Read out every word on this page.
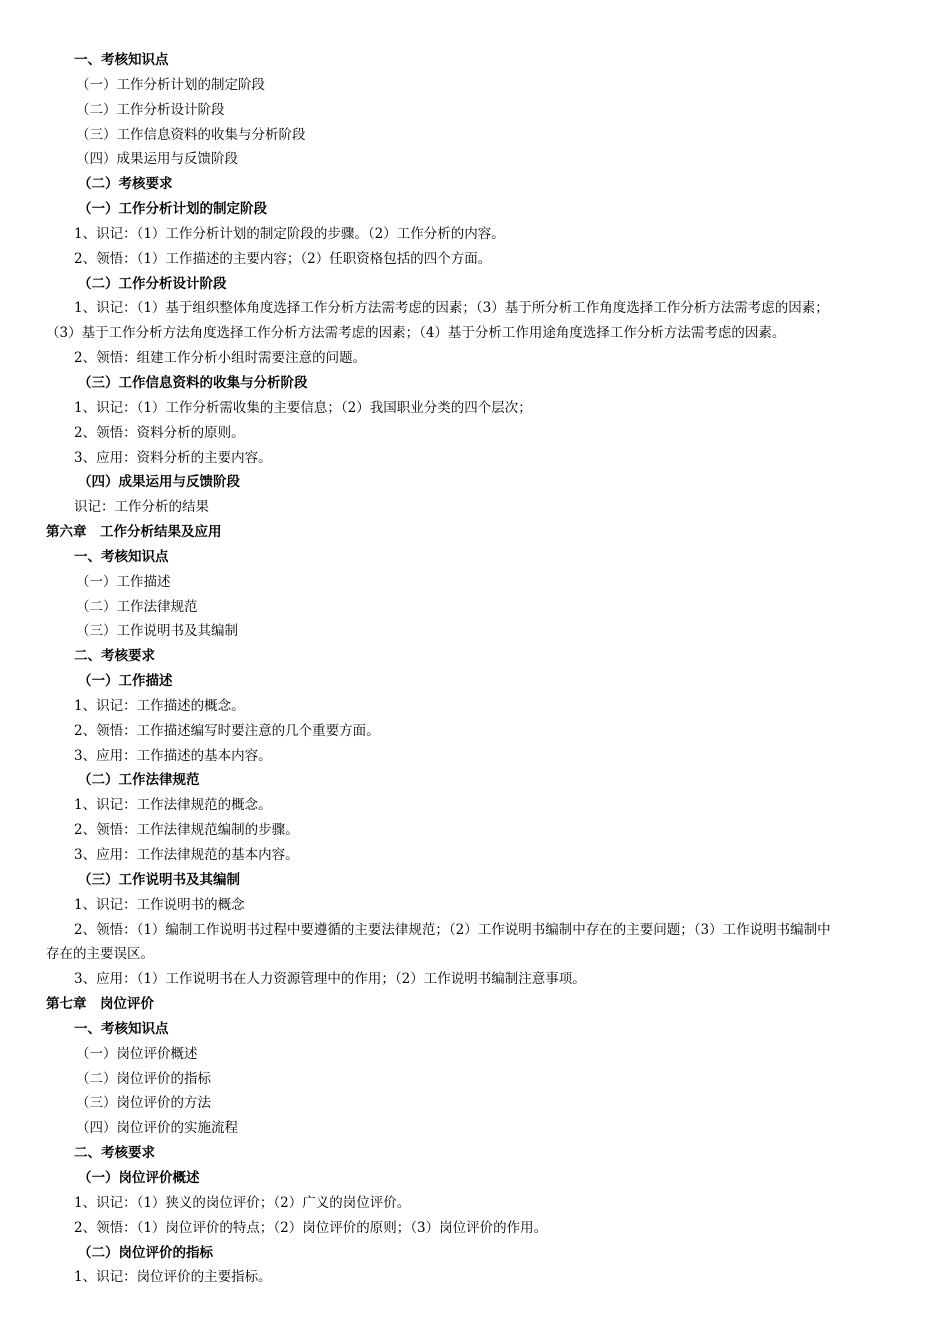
一、考核知识点
（一）工作分析计划的制定阶段
（二）工作分析设计阶段
（三）工作信息资料的收集与分析阶段
（四）成果运用与反馈阶段
（二）考核要求
（一）工作分析计划的制定阶段
1、识记：（1）工作分析计划的制定阶段的步骤。（2）工作分析的内容。
2、领悟：（1）工作描述的主要内容；（2）任职资格包括的四个方面。
（二）工作分析设计阶段
1、识记：（1）基于组织整体角度选择工作分析方法需考虑的因素；（3）基于所分析工作角度选择工作分析方法需考虑的因素；
（3）基于工作分析方法角度选择工作分析方法需考虑的因素；（4）基于分析工作用途角度选择工作分析方法需考虑的因素。
2、领悟：组建工作分析小组时需要注意的问题。
（三）工作信息资料的收集与分析阶段
1、识记：（1）工作分析需收集的主要信息；（2）我国职业分类的四个层次；
2、领悟：资料分析的原则。
3、应用：资料分析的主要内容。
（四）成果运用与反馈阶段
识记：工作分析的结果
第六章　工作分析结果及应用
一、考核知识点
（一）工作描述
（二）工作法律规范
（三）工作说明书及其编制
二、考核要求
（一）工作描述
1、识记：工作描述的概念。
2、领悟：工作描述编写时要注意的几个重要方面。
3、应用：工作描述的基本内容。
（二）工作法律规范
1、识记：工作法律规范的概念。
2、领悟：工作法律规范编制的步骤。
3、应用：工作法律规范的基本内容。
（三）工作说明书及其编制
1、识记：工作说明书的概念
2、领悟：（1）编制工作说明书过程中要遵循的主要法律规范；（2）工作说明书编制中存在的主要问题；（3）工作说明书编制中
存在的主要误区。
3、应用：（1）工作说明书在人力资源管理中的作用；（2）工作说明书编制注意事项。
第七章　岗位评价
一、考核知识点
（一）岗位评价概述
（二）岗位评价的指标
（三）岗位评价的方法
（四）岗位评价的实施流程
二、考核要求
（一）岗位评价概述
1、识记：（1）狭义的岗位评价；（2）广义的岗位评价。
2、领悟：（1）岗位评价的特点；（2）岗位评价的原则；（3）岗位评价的作用。
（二）岗位评价的指标
1、识记：岗位评价的主要指标。
